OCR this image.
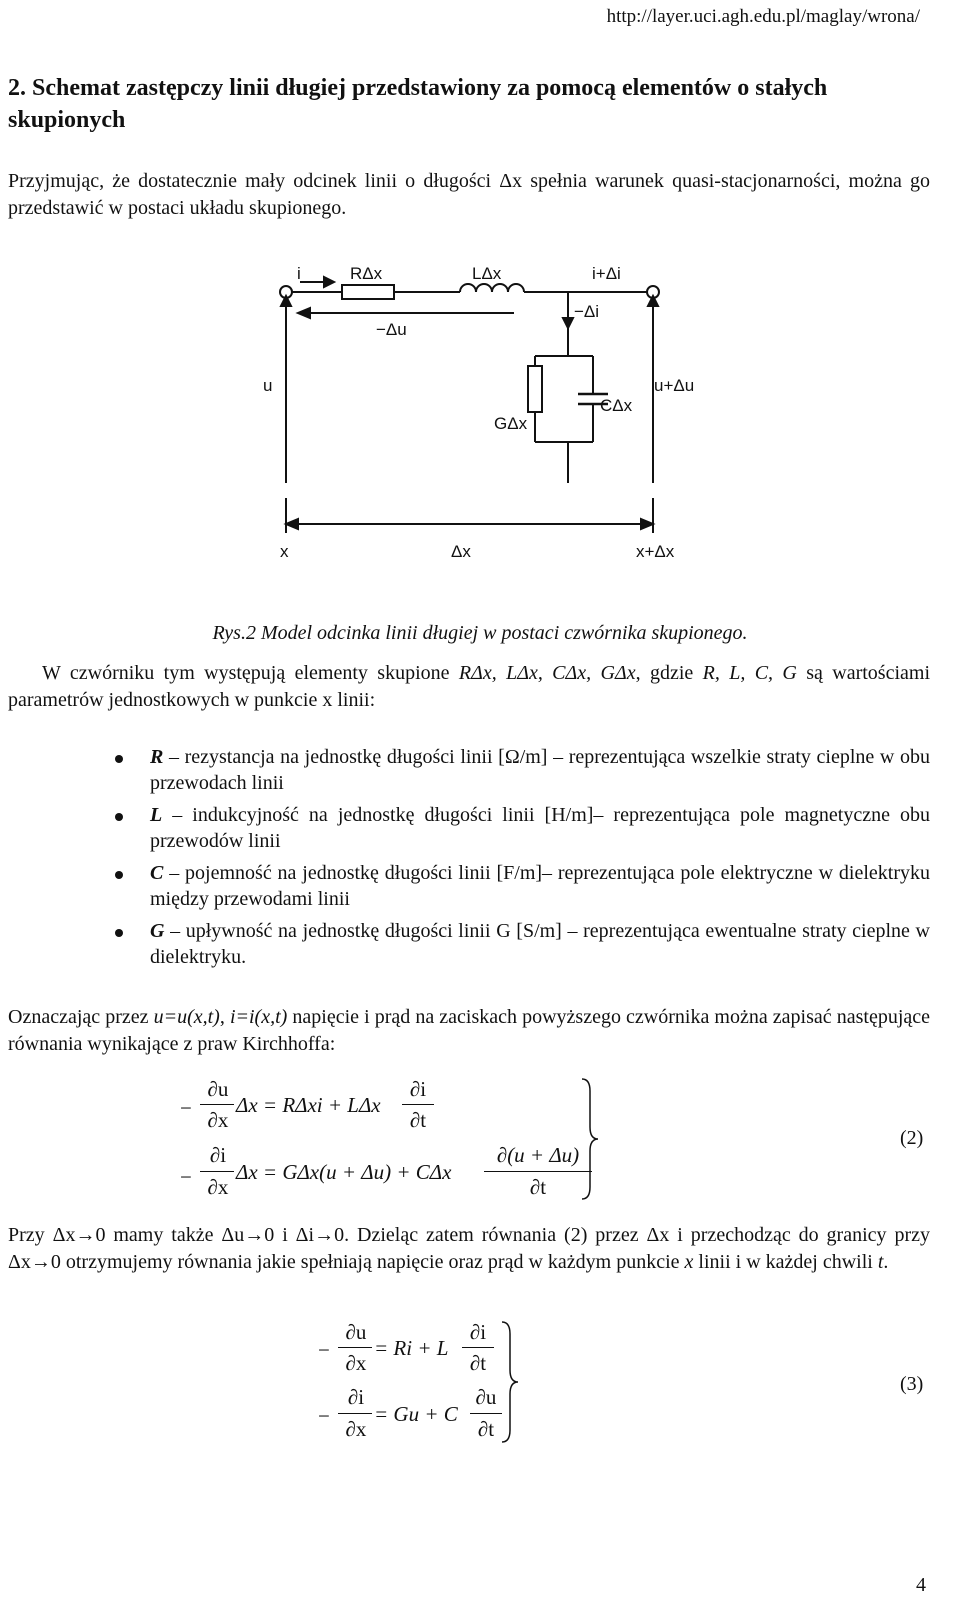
http://layer.uci.agh.edu.pl/maglay/wrona/
2. Schemat zastępczy linii długiej przedstawiony za pomocą elementów o stałych skupionych
Przyjmując, że dostatecznie mały odcinek linii o długości Δx spełnia warunek quasi-stacjonarności, można go przedstawić w postaci układu skupionego.
i	RΔx	LΔx	i+Δi
−Δi
−Δu
u	u+Δu
CΔx
GΔx
x	Δx	x+Δx
Rys.2 Model odcinka linii długiej w postaci czwórnika skupionego.
W czwórniku tym występują elementy skupione RΔx, LΔx, CΔx, GΔx, gdzie R, L, C, G są wartościami parametrów jednostkowych w punkcie x linii:
R – rezystancja na jednostkę długości linii [Ω/m] – reprezentująca wszelkie straty cieplne w obu przewodach linii
L – indukcyjność na jednostkę długości linii [H/m]– reprezentująca pole magnetyczne obu przewodów linii
C – pojemność na jednostkę długości linii [F/m]– reprezentująca pole elektryczne w dielektryku między przewodami linii
G – upływność na jednostkę długości linii G [S/m] – reprezentująca ewentualne straty cieplne w dielektryku.
Oznaczając przez u=u(x,t), i=i(x,t) napięcie i prąd na zaciskach powyższego czwórnika można zapisać następujące równania wynikające z praw Kirchhoffa:
−
∂u
∂x
Δx = RΔxi + LΔx
∂i
∂t
−
∂i
∂x
Δx = GΔx(u + Δu) + CΔx
∂(u + Δu)
∂t
(2)
Przy Δx→0 mamy także Δu→0 i Δi→0. Dzieląc zatem równania (2) przez Δx i przechodząc do granicy przy Δx→0 otrzymujemy równania jakie spełniają napięcie oraz prąd w każdym punkcie x linii i w każdej chwili t.
−
∂u
∂x
= Ri + L
∂i
∂t
−
∂i
∂x
= Gu + C
∂u
∂t
(3)
4
